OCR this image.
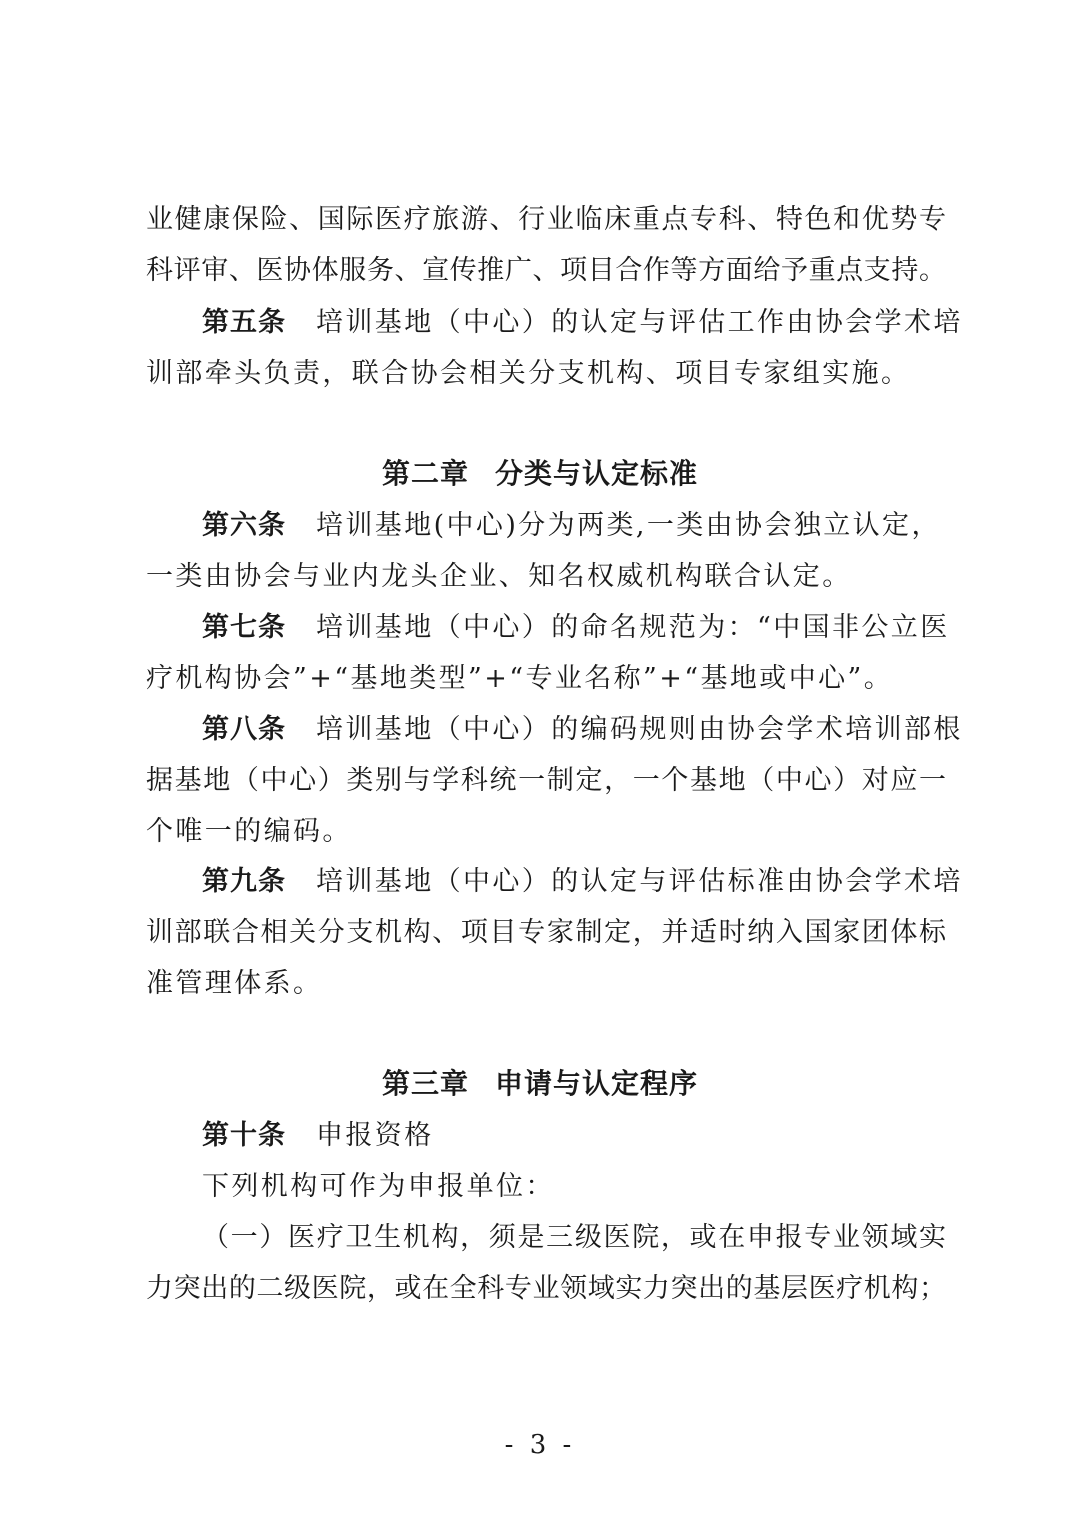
业健康保险、国际医疗旅游、行业临床重点专科、特色和优势专
科评审、医协体服务、宣传推广、项目合作等方面给予重点支持。
第五条 培训基地（中心）的认定与评估工作由协会学术培
训部牵头负责，联合协会相关分支机构、项目专家组实施。
第二章 分类与认定标准
第六条 培训基地(中心)分为两类,一类由协会独立认定，
一类由协会与业内龙头企业、知名权威机构联合认定。
第七条 培训基地（中心）的命名规范为：“中国非公立医
疗机构协会”+“基地类型”+“专业名称”+“基地或中心”。
第八条 培训基地（中心）的编码规则由协会学术培训部根
据基地（中心）类别与学科统一制定，一个基地（中心）对应一
个唯一的编码。
第九条 培训基地（中心）的认定与评估标准由协会学术培
训部联合相关分支机构、项目专家制定，并适时纳入国家团体标
准管理体系。
第三章 申请与认定程序
第十条 申报资格
下列机构可作为申报单位：
（一）医疗卫生机构，须是三级医院，或在申报专业领域实
力突出的二级医院，或在全科专业领域实力突出的基层医疗机构；
- 3 -
